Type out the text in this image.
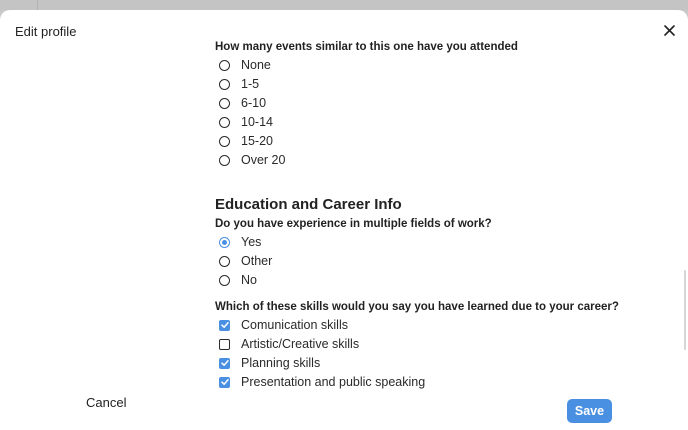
Edit profile
How many events similar to this one have you attended
None
1-5
6-10
10-14
15-20
Over 20
Education and Career Info
Do you have experience in multiple fields of work?
Yes
Other
No
Which of these skills would you say you have learned due to your career?
Comunication skills
Artistic/Creative skills
Planning skills
Presentation and public speaking
Cancel
Save
